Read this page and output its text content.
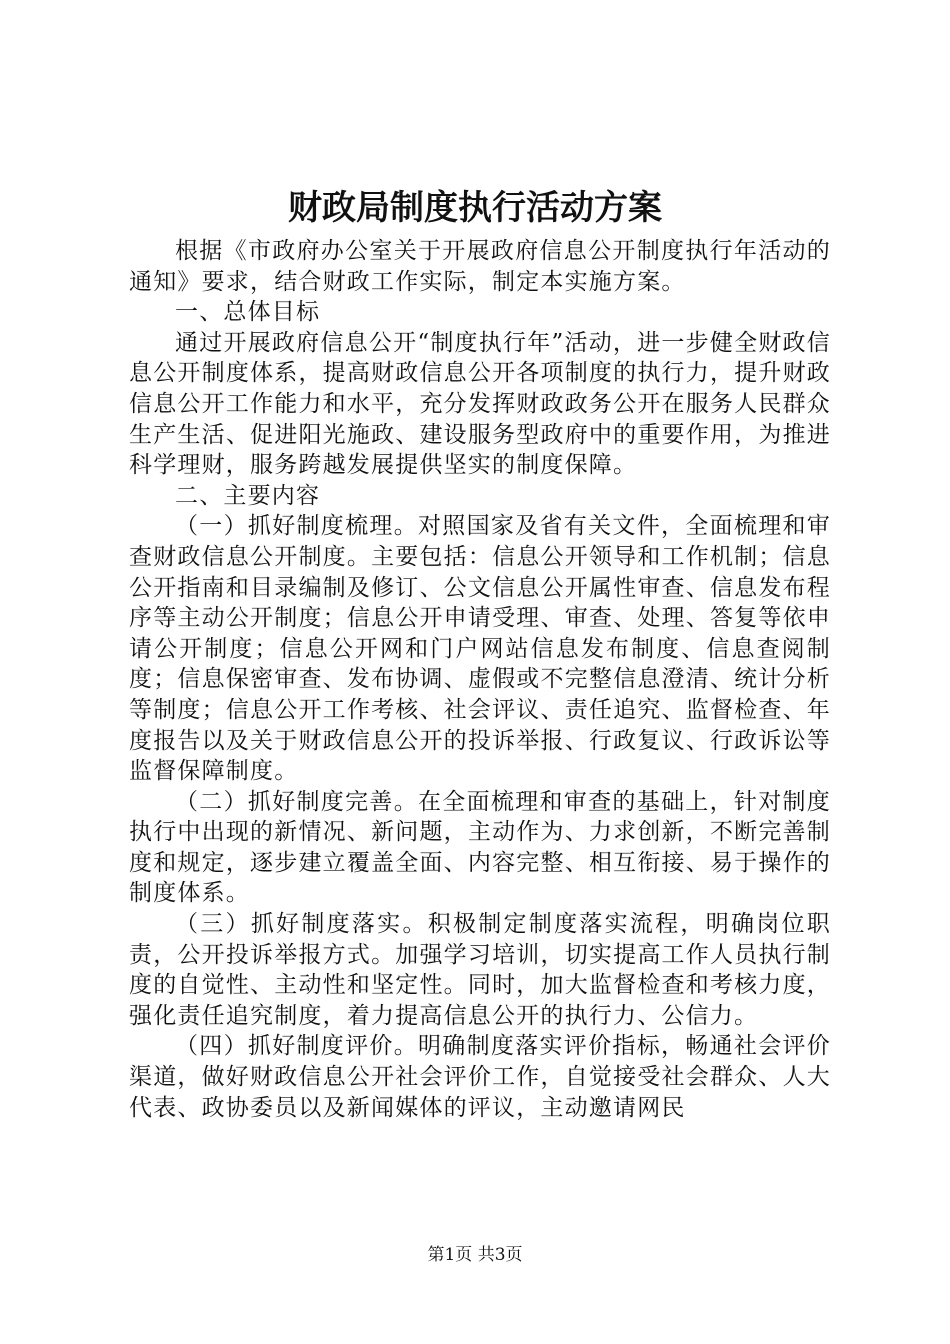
财政局制度执行活动方案

根据《市政府办公室关于开展政府信息公开制度执行年活动的通知》要求，结合财政工作实际，制定本实施方案。

一、总体目标

通过开展政府信息公开“制度执行年”活动，进一步健全财政信息公开制度体系，提高财政信息公开各项制度的执行力，提升财政信息公开工作能力和水平，充分发挥财政政务公开在服务人民群众生产生活、促进阳光施政、建设服务型政府中的重要作用，为推进科学理财，服务跨越发展提供坚实的制度保障。

二、主要内容

（一）抓好制度梳理。对照国家及省有关文件，全面梳理和审查财政信息公开制度。主要包括：信息公开领导和工作机制；信息公开指南和目录编制及修订、公文信息公开属性审查、信息发布程序等主动公开制度；信息公开申请受理、审查、处理、答复等依申请公开制度；信息公开网和门户网站信息发布制度、信息查阅制度；信息保密审查、发布协调、虚假或不完整信息澄清、统计分析等制度；信息公开工作考核、社会评议、责任追究、监督检查、年度报告以及关于财政信息公开的投诉举报、行政复议、行政诉讼等监督保障制度。

（二）抓好制度完善。在全面梳理和审查的基础上，针对制度执行中出现的新情况、新问题，主动作为、力求创新，不断完善制度和规定，逐步建立覆盖全面、内容完整、相互衔接、易于操作的制度体系。

（三）抓好制度落实。积极制定制度落实流程，明确岗位职责，公开投诉举报方式。加强学习培训，切实提高工作人员执行制度的自觉性、主动性和坚定性。同时，加大监督检查和考核力度，强化责任追究制度，着力提高信息公开的执行力、公信力。

（四）抓好制度评价。明确制度落实评价指标，畅通社会评价渠道，做好财政信息公开社会评价工作，自觉接受社会群众、人大代表、政协委员以及新闻媒体的评议，主动邀请网民

第1页 共3页
